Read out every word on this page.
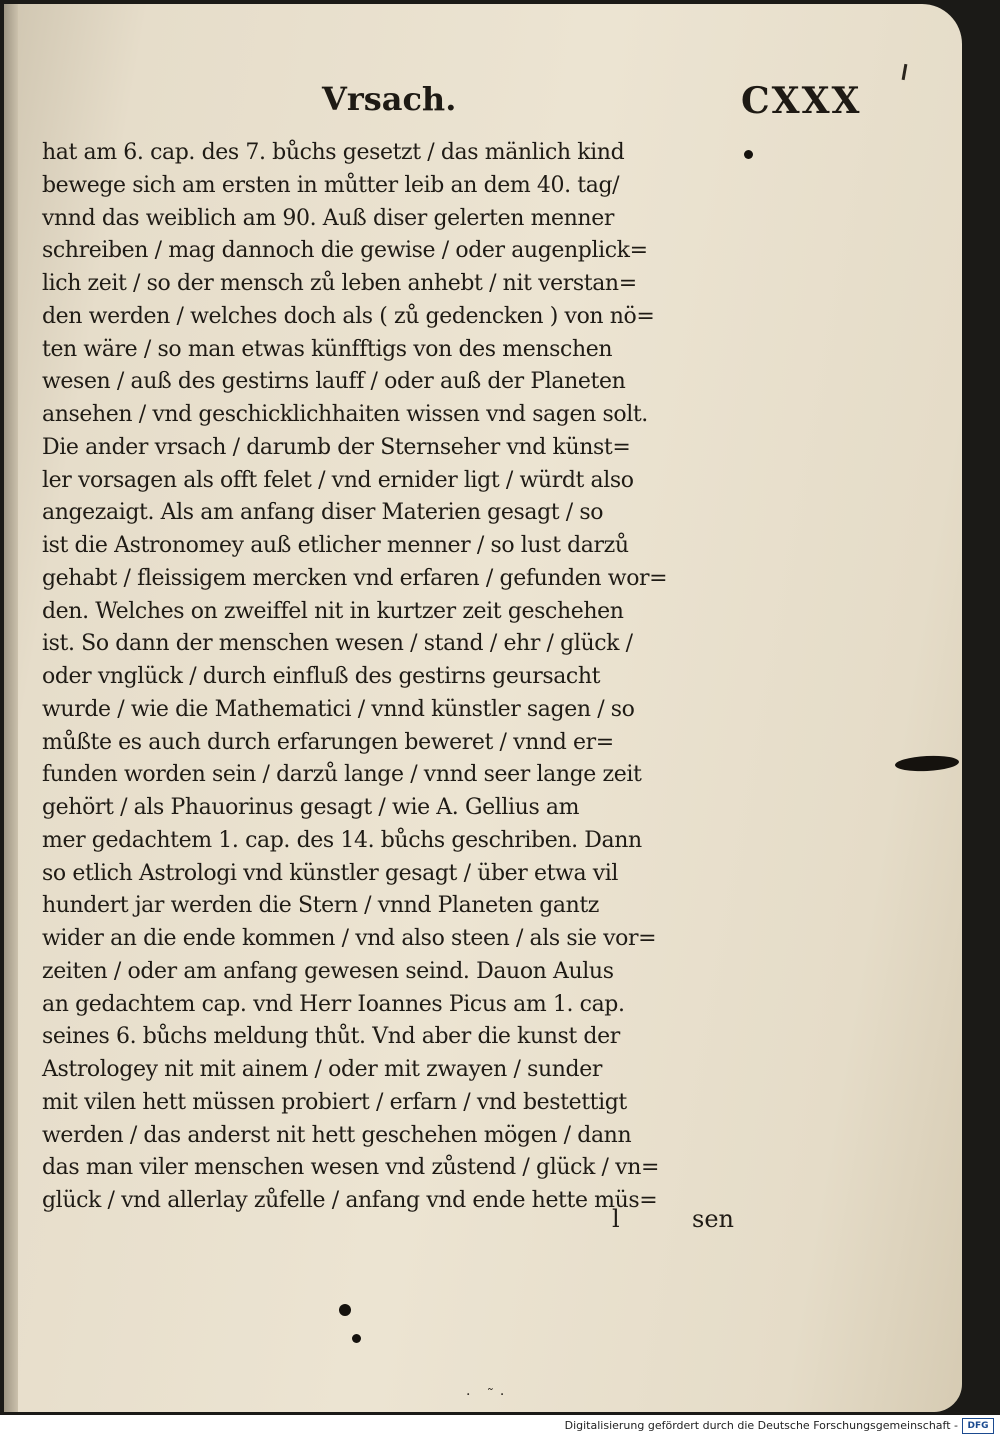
Vrsach.	CXXX
hat am 6. cap. des 7. bůchs gesetzt / das mänlich kind
bewege sich am ersten in můtter leib an dem 40. tag/
vnnd das weiblich am 90. Auß diser gelerten menner
schreiben / mag dannoch die gewise / oder augenplick=
lich zeit / so der mensch zů leben anhebt / nit verstan=
den werden / welches doch als ( zů gedencken ) von nö=
ten wäre / so man etwas künfftigs von des menschen
wesen / auß des gestirns lauff / oder auß der Planeten
ansehen / vnd geschicklichhaiten wissen vnd sagen solt.
Die ander vrsach / darumb der Sternseher vnd künst=
ler vorsagen als offt felet / vnd ernider ligt / würdt also
angezaigt. Als am anfang diser Materien gesagt / so
ist die Astronomey auß etlicher menner / so lust darzů
gehabt / fleissigem mercken vnd erfaren / gefunden wor=
den. Welches on zweiffel nit in kurtzer zeit geschehen
ist. So dann der menschen wesen / stand / ehr / glück /
oder vnglück / durch einfluß des gestirns geursacht
wurde / wie die Mathematici / vnnd künstler sagen / so
můßte es auch durch erfarungen beweret / vnnd er=
funden worden sein / darzů lange / vnnd seer lange zeit
gehört / als Phauorinus gesagt / wie A. Gellius am
mer gedachtem 1. cap. des 14. bůchs geschriben. Dann
so etlich Astrologi vnd künstler gesagt / über etwa vil
hundert jar werden die Stern / vnnd Planeten gantz
wider an die ende kommen / vnd also steen / als sie vor=
zeiten / oder am anfang gewesen seind. Dauon Aulus
an gedachtem cap. vnd Herr Ioannes Picus am 1. cap.
seines 6. bůchs meldung thůt. Vnd aber die kunst der
Astrologey nit mit ainem / oder mit zwayen / sunder
mit vilen hett müssen probiert / erfarn / vnd bestettigt
werden / das anderst nit hett geschehen mögen / dann
das man viler menschen wesen vnd zůstend / glück / vn=
glück / vnd allerlay zůfelle / anfang vnd ende hette müs=
l	sen
· ˜·
Digitalisierung gefördert durch die Deutsche Forschungsgemeinschaft -	DFG
